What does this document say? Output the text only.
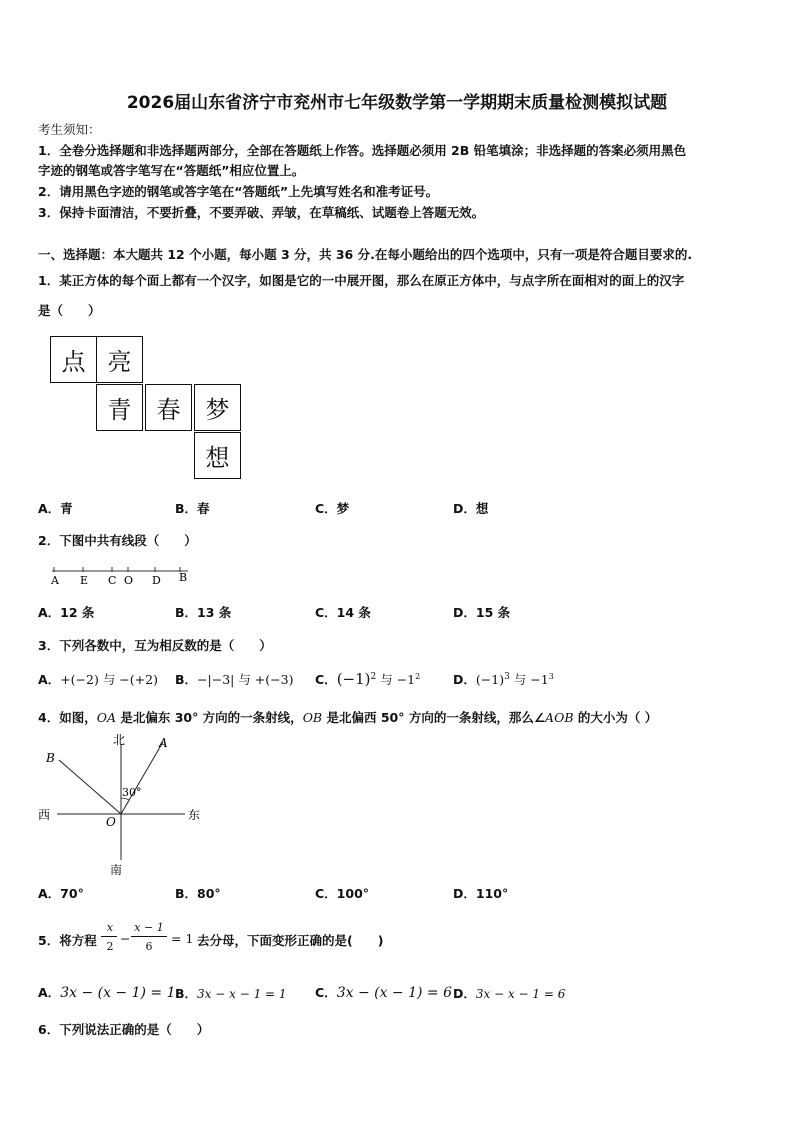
2026届山东省济宁市兖州市七年级数学第一学期期末质量检测模拟试题
考生须知：
1．全卷分选择题和非选择题两部分，全部在答题纸上作答。选择题必须用 2B 铅笔填涂；非选择题的答案必须用黑色
字迹的钢笔或答字笔写在“答题纸”相应位置上。
2．请用黑色字迹的钢笔或答字笔在“答题纸”上先填写姓名和准考证号。
3．保持卡面清洁，不要折叠，不要弄破、弄皱，在草稿纸、试题卷上答题无效。
一、选择题：本大题共 12 个小题，每小题 3 分，共 36 分.在每小题给出的四个选项中，只有一项是符合题目要求的.
1．某正方体的每个面上都有一个汉字，如图是它的一中展开图，那么在原正方体中，与点字所在面相对的面上的汉字
是（　　）
点 亮
青	春	梦
想
A．青	B．春	C．梦	D．想
2．下图中共有线段（　　）
A E C O D B
A．12 条	B．13 条	C．14 条	D．15 条
3．下列各数中，互为相反数的是（　　）
A．+(−2) 与 −(+2) B．−|−3| 与 +(−3) C．$(-1)^2$ 与 $-1^2$	D．$(-1)^3$ 与 $-1^3$
4．如图，OA 是北偏东 30° 方向的一条射线，OB 是北偏西 50° 方向的一条射线，那么∠AOB 的大小为（ ）
北
南
东
西
A
B
O
30°
A．70°	B．80°	C．100°	D．110°
5．将方程
x
2
−
x − 1
6
= 1 去分母，下面变形正确的是(　　)
A．3x − (x − 1) = 1 B．3x − x − 1 = 1 C．3x − (x − 1) = 6 D．3x − x − 1 = 6
6．下列说法正确的是（　　）
